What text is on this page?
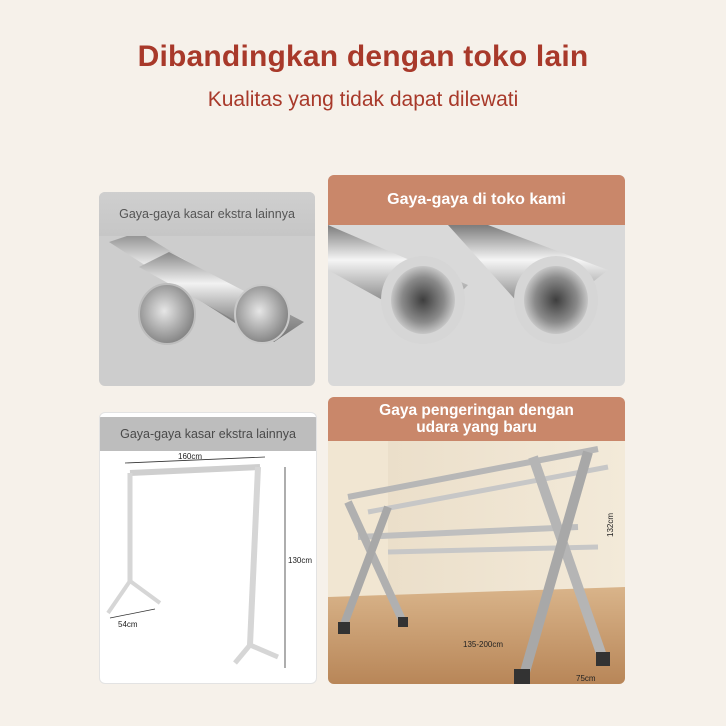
Dibandingkan dengan toko lain
Kualitas yang tidak dapat dilewati
Gaya-gaya kasar ekstra lainnya
Gaya-gaya di toko kami
Gaya-gaya kasar ekstra lainnya
160cm
130cm
54cm
132cm
135-200cm
75cm
Gaya pengeringan dengan
udara yang baru
